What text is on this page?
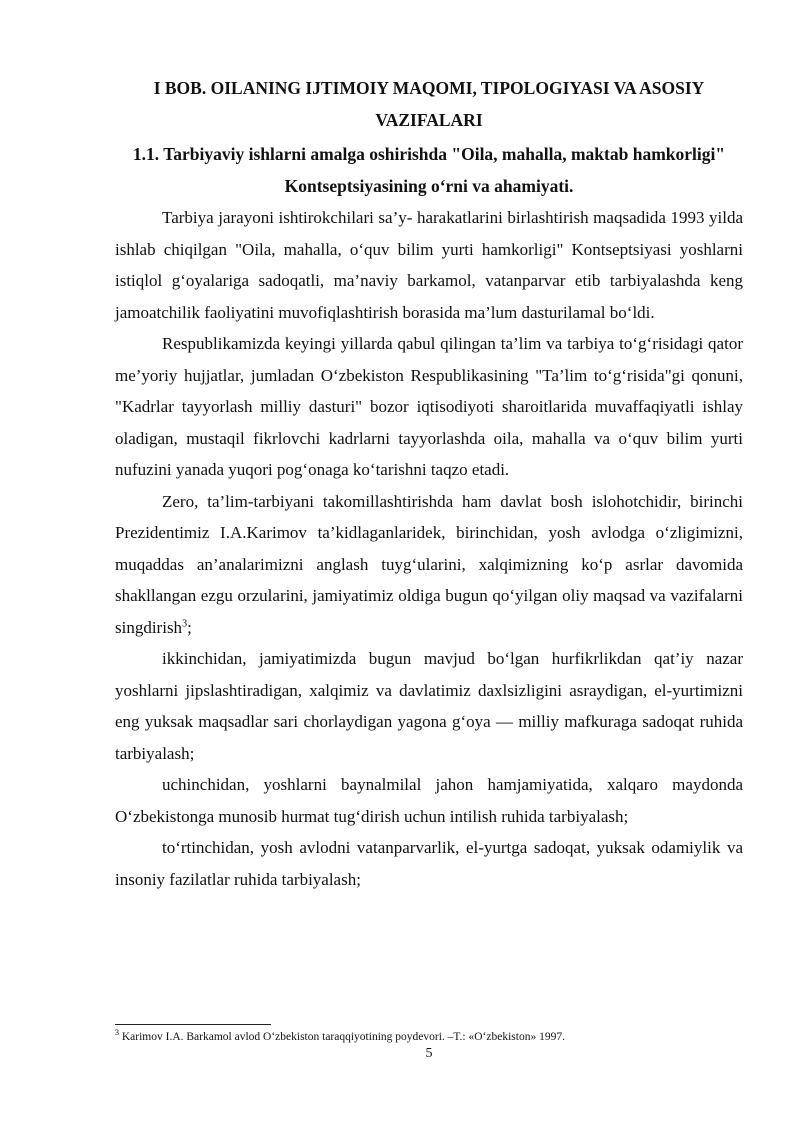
I BOB. OILANING IJTIMOIY MAQOMI, TIPOLOGIYASI VA ASOSIY VAZIFALARI

1.1. Tarbiyaviy ishlarni amalga oshirishda "Oila, mahalla, maktab hamkorligi" Kontseptsiyasining o‘rni va ahamiyati.

Tarbiya jarayoni ishtirokchilari sa’y- harakatlarini birlashtirish maqsadida 1993 yilda ishlab chiqilgan "Oila, mahalla, o‘quv bilim yurti hamkorligi" Kontseptsiyasi yoshlarni istiqlol g‘oyalariga sadoqatli, ma’naviy barkamol, vatanparvar etib tarbiyalashda keng jamoatchilik faoliyatini muvofiqlashtirish borasida ma’lum dasturilamal bo‘ldi.

Respublikamizda keyingi yillarda qabul qilingan ta’lim va tarbiya to‘g‘risidagi qator me’yoriy hujjatlar, jumladan O‘zbekiston Respublikasining "Ta’lim to‘g‘risida"gi qonuni, "Kadrlar tayyorlash milliy dasturi" bozor iqtisodiyoti sharoitlarida muvaffaqiyatli ishlay oladigan, mustaqil fikrlovchi kadrlarni tayyorlashda oila, mahalla va o‘quv bilim yurti nufuzini yanada yuqori pog‘onaga ko‘tarishni taqzo etadi.

Zero, ta’lim-tarbiyani takomillashtirishda ham davlat bosh islohotchidir, birinchi Prezidentimiz I.A.Karimov ta’kidlaganlaridek, birinchidan, yosh avlodga o‘zligimizni, muqaddas an’analarimizni anglash tuyg‘ularini, xalqimizning ko‘p asrlar davomida shakllangan ezgu orzularini, jamiyatimiz oldiga bugun qo‘yilgan oliy maqsad va vazifalarni singdirish$^3$;

ikkinchidan, jamiyatimizda bugun mavjud bo‘lgan hurfikrlikdan qat’iy nazar yoshlarni jipslashtiradigan, xalqimiz va davlatimiz daxlsizligini asraydigan, el-yurtimizni eng yuksak maqsadlar sari chorlaydigan yagona g‘oya — milliy mafkuraga sadoqat ruhida tarbiyalash;

uchinchidan, yoshlarni baynalmilal jahon hamjamiyatida, xalqaro maydonda O‘zbekistonga munosib hurmat tug‘dirish uchun intilish ruhida tarbiyalash;

to‘rtinchidan, yosh avlodni vatanparvarlik, el-yurtga sadoqat, yuksak odamiylik va insoniy fazilatlar ruhida tarbiyalash;

$^3$ Karimov I.A. Barkamol avlod O‘zbekiston taraqqiyotining poydevori. –T.: «O‘zbekiston» 1997.

5
